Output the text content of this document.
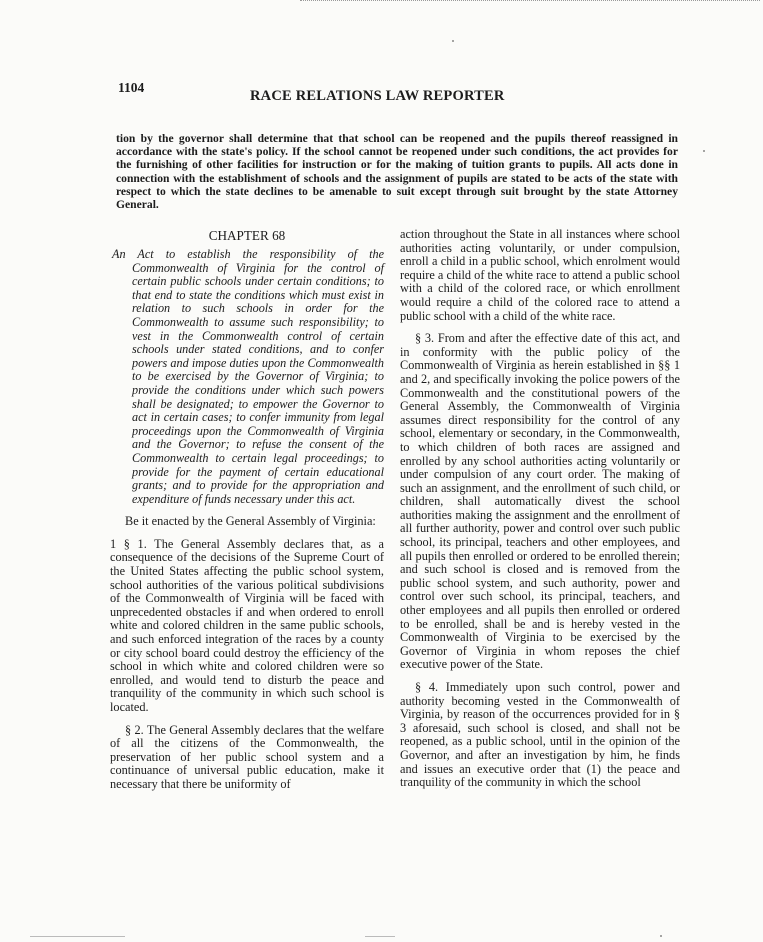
1104
RACE RELATIONS LAW REPORTER

tion by the governor shall determine that that school can be reopened and the pupils thereof reassigned in accordance with the state's policy. If the school cannot be reopened under such conditions, the act provides for the furnishing of other facilities for instruction or for the making of tuition grants to pupils. All acts done in connection with the establishment of schools and the assignment of pupils are stated to be acts of the state with respect to which the state declines to be amenable to suit except through suit brought by the state Attorney General.

CHAPTER 68

An Act to establish the responsibility of the Commonwealth of Virginia for the control of certain public schools under certain conditions; to that end to state the conditions which must exist in relation to such schools in order for the Commonwealth to assume such responsibility; to vest in the Commonwealth control of certain schools under stated conditions, and to confer powers and impose duties upon the Commonwealth to be exercised by the Governor of Virginia; to provide the conditions under which such powers shall be designated; to empower the Governor to act in certain cases; to confer immunity from legal proceedings upon the Commonwealth of Virginia and the Governor; to refuse the consent of the Commonwealth to certain legal proceedings; to provide for the payment of certain educational grants; and to provide for the appropriation and expenditure of funds necessary under this act.

Be it enacted by the General Assembly of Virginia:

1 § 1. The General Assembly declares that, as a consequence of the decisions of the Supreme Court of the United States affecting the public school system, school authorities of the various political subdivisions of the Commonwealth of Virginia will be faced with unprecedented obstacles if and when ordered to enroll white and colored children in the same public schools, and such enforced integration of the races by a county or city school board could destroy the efficiency of the school in which white and colored children were so enrolled, and would tend to disturb the peace and tranquility of the community in which such school is located.

§ 2. The General Assembly declares that the welfare of all the citizens of the Commonwealth, the preservation of her public school system and a continuance of universal public education, make it necessary that there be uniformity of

action throughout the State in all instances where school authorities acting voluntarily, or under compulsion, enroll a child in a public school, which enrolment would require a child of the white race to attend a public school with a child of the colored race, or which enrollment would require a child of the colored race to attend a public school with a child of the white race.

§ 3. From and after the effective date of this act, and in conformity with the public policy of the Commonwealth of Virginia as herein established in §§ 1 and 2, and specifically invoking the police powers of the Commonwealth and the constitutional powers of the General Assembly, the Commonwealth of Virginia assumes direct responsibility for the control of any school, elementary or secondary, in the Commonwealth, to which children of both races are assigned and enrolled by any school authorities acting voluntarily or under compulsion of any court order. The making of such an assignment, and the enrollment of such child, or children, shall automatically divest the school authorities making the assignment and the enrollment of all further authority, power and control over such public school, its principal, teachers and other employees, and all pupils then enrolled or ordered to be enrolled therein; and such school is closed and is removed from the public school system, and such authority, power and control over such school, its principal, teachers, and other employees and all pupils then enrolled or ordered to be enrolled, shall be and is hereby vested in the Commonwealth of Virginia to be exercised by the Governor of Virginia in whom reposes the chief executive power of the State.

§ 4. Immediately upon such control, power and authority becoming vested in the Commonwealth of Virginia, by reason of the occurrences provided for in § 3 aforesaid, such school is closed, and shall not be reopened, as a public school, until in the opinion of the Governor, and after an investigation by him, he finds and issues an executive order that (1) the peace and tranquility of the community in which the school
